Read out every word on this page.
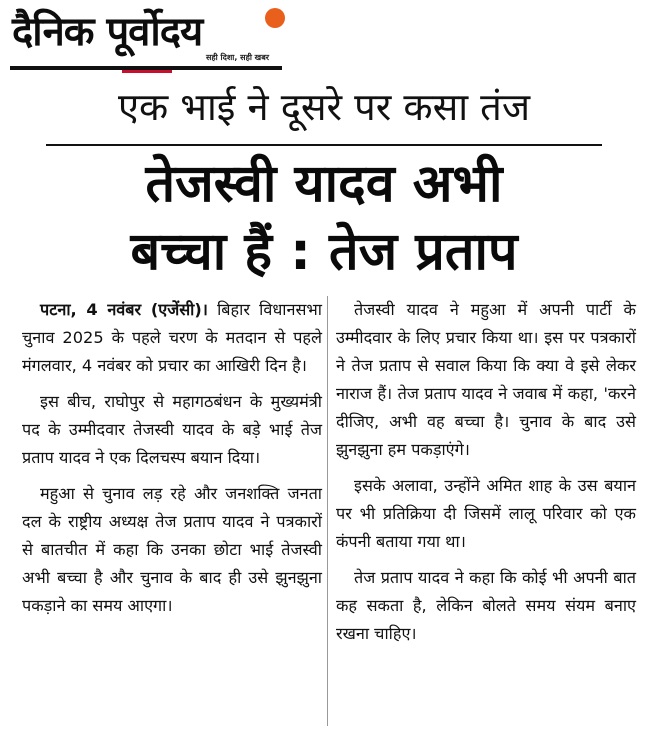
दैनिक पूर्वोदय
सही दिशा, सही खबर
एक भाई ने दूसरे पर कसा तंज
तेजस्वी यादव अभी
बच्चा हैं : तेज प्रताप

पटना, 4 नवंबर (एजेंसी)। बिहार विधानसभा चुनाव 2025 के पहले चरण के मतदान से पहले मंगलवार, 4 नवंबर को प्रचार का आखिरी दिन है।

इस बीच, राघोपुर से महागठबंधन के मुख्यमंत्री पद के उम्मीदवार तेजस्वी यादव के बड़े भाई तेज प्रताप यादव ने एक दिलचस्प बयान दिया।

महुआ से चुनाव लड़ रहे और जनशक्ति जनता दल के राष्ट्रीय अध्यक्ष तेज प्रताप यादव ने पत्रकारों से बातचीत में कहा कि उनका छोटा भाई तेजस्वी अभी बच्चा है और चुनाव के बाद ही उसे झुनझुना पकड़ाने का समय आएगा।

तेजस्वी यादव ने महुआ में अपनी पार्टी के उम्मीदवार के लिए प्रचार किया था। इस पर पत्रकारों ने तेज प्रताप से सवाल किया कि क्या वे इसे लेकर नाराज हैं। तेज प्रताप यादव ने जवाब में कहा, 'करने दीजिए, अभी वह बच्चा है। चुनाव के बाद उसे झुनझुना हम पकड़ाएंगे।

इसके अलावा, उन्होंने अमित शाह के उस बयान पर भी प्रतिक्रिया दी जिसमें लालू परिवार को एक कंपनी बताया गया था।

तेज प्रताप यादव ने कहा कि कोई भी अपनी बात कह सकता है, लेकिन बोलते समय संयम बनाए रखना चाहिए।
